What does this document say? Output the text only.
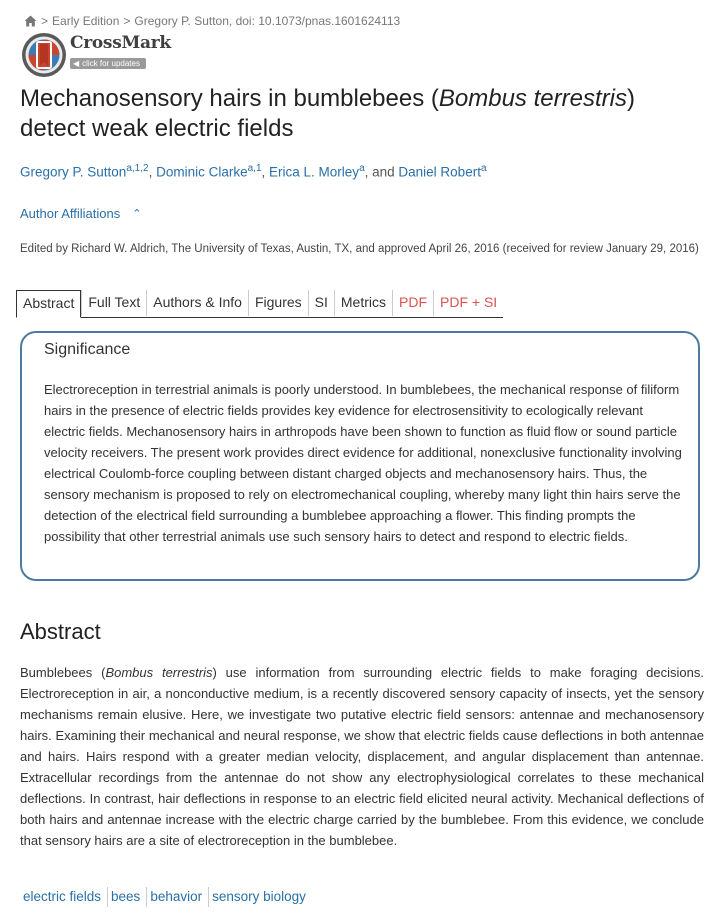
> Early Edition > Gregory P. Sutton, doi: 10.1073/pnas.1601624113
CrossMark
◀ click for updates
Mechanosensory hairs in bumblebees (Bombus terrestris) detect weak electric fields
Gregory P. Sutton$^{a,1,2}$, Dominic Clarke$^{a,1}$, Erica L. Morley$^a$, and Daniel Robert$^a$
Author Affiliations ⌃
Edited by Richard W. Aldrich, The University of Texas, Austin, TX, and approved April 26, 2016 (received for review January 29, 2016)
Abstract	Full Text Authors & Info Figures SI Metrics PDF PDF + SI
Significance

Electroreception in terrestrial animals is poorly understood. In bumblebees, the mechanical response of filiform hairs in the presence of electric fields provides key evidence for electrosensitivity to ecologically relevant electric fields. Mechanosensory hairs in arthropods have been shown to function as fluid flow or sound particle velocity receivers. The present work provides direct evidence for additional, nonexclusive functionality involving electrical Coulomb-force coupling between distant charged objects and mechanosensory hairs. Thus, the sensory mechanism is proposed to rely on electromechanical coupling, whereby many light thin hairs serve the detection of the electrical field surrounding a bumblebee approaching a flower. This finding prompts the possibility that other terrestrial animals use such sensory hairs to detect and respond to electric fields.

Abstract

Bumblebees (Bombus terrestris) use information from surrounding electric fields to make foraging decisions. Electroreception in air, a nonconductive medium, is a recently discovered sensory capacity of insects, yet the sensory mechanisms remain elusive. Here, we investigate two putative electric field sensors: antennae and mechanosensory hairs. Examining their mechanical and neural response, we show that electric fields cause deflections in both antennae and hairs. Hairs respond with a greater median velocity, displacement, and angular displacement than antennae. Extracellular recordings from the antennae do not show any electrophysiological correlates to these mechanical deflections. In contrast, hair deflections in response to an electric field elicited neural activity. Mechanical deflections of both hairs and antennae increase with the electric charge carried by the bumblebee. From this evidence, we conclude that sensory hairs are a site of electroreception in the bumblebee.

electric fields bees behavior sensory biology
